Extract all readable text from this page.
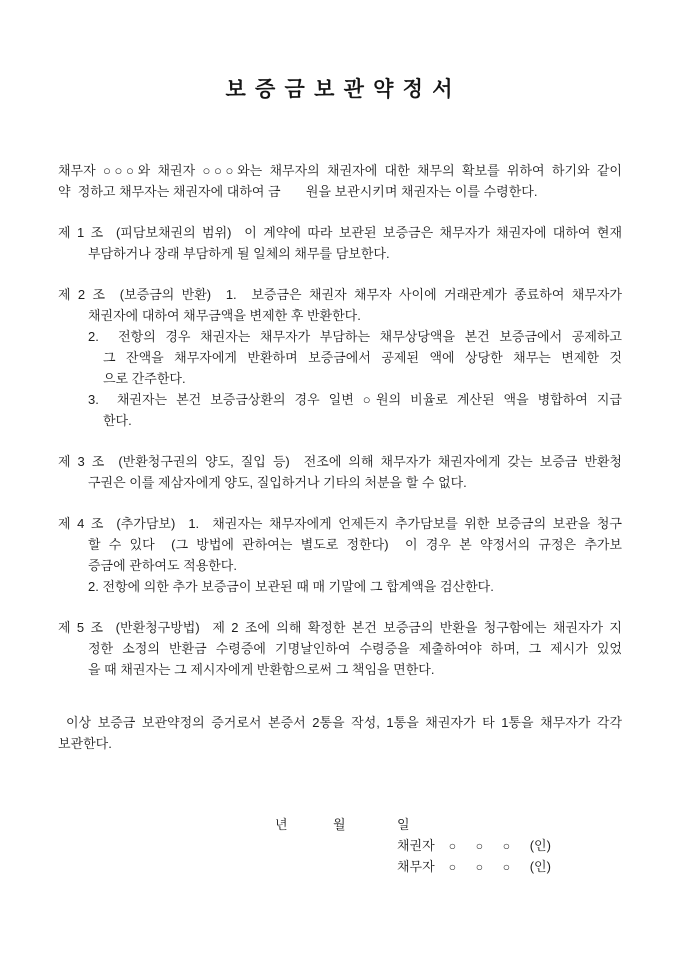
보 증 금 보 관 약 정 서
채무자 ○○○와 채권자 ○○○와는 채무자의 채권자에 대한 채무의 확보를 위하여 하기와 같이
약  정하고 채무자는 채권자에 대하여 금       원을 보관시키며 채권자는 이를 수령한다.
제 1 조  (피담보채권의 범위)  이 계약에 따라 보관된 보증금은 채무자가 채권자에 대하여 현재
부담하거나 장래 부담하게 될 일체의 채무를 담보한다.
제 2 조  (보증금의 반환)  1.  보증금은 채권자 채무자 사이에 거래관계가 종료하여 채무자가
채권자에 대하여 채무금액을 변제한 후 반환한다.
2.  전항의 경우 채권자는 채무자가 부담하는 채무상당액을 본건 보증금에서 공제하고
그 잔액을 채무자에게 반환하며 보증금에서 공제된 액에 상당한 채무는 변제한 것
으로 간주한다.
3.  채권자는 본건 보증금상환의 경우 일변 ○원의 비율로 계산된 액을 병합하여 지급
한다.
제 3 조  (반환청구권의 양도, 질입 등)  전조에 의해 채무자가 채권자에게 갖는 보증금 반환청
구권은 이를 제삼자에게 양도, 질입하거나 기타의 처분을 할 수 없다.
제 4 조  (추가담보)  1.  채권자는 채무자에게 언제든지 추가담보를 위한 보증금의 보관을 청구
할 수 있다  (그 방법에 관하여는 별도로 정한다)  이 경우 본 약정서의 규정은 추가보
증금에 관하여도 적용한다.
2. 전항에 의한 추가 보증금이 보관된 때 매 기말에 그 합계액을 검산한다.
제 5 조  (반환청구방법)  제 2 조에 의해 확정한 본건 보증금의 반환을 청구함에는 채권자가 지
정한 소정의 반환금 수령증에 기명날인하여 수령증을 제출하여야 하며, 그 제시가 있었
을 때 채권자는 그 제시자에게 반환함으로써 그 책임을 면한다.
이상 보증금 보관약정의 증거로서 본증서 2통을 작성, 1통을 채권자가 타 1통을 채무자가 각각
보관한다.
년	월	일
채권자 ○ ○ ○ (인)
채무자 ○ ○ ○ (인)
